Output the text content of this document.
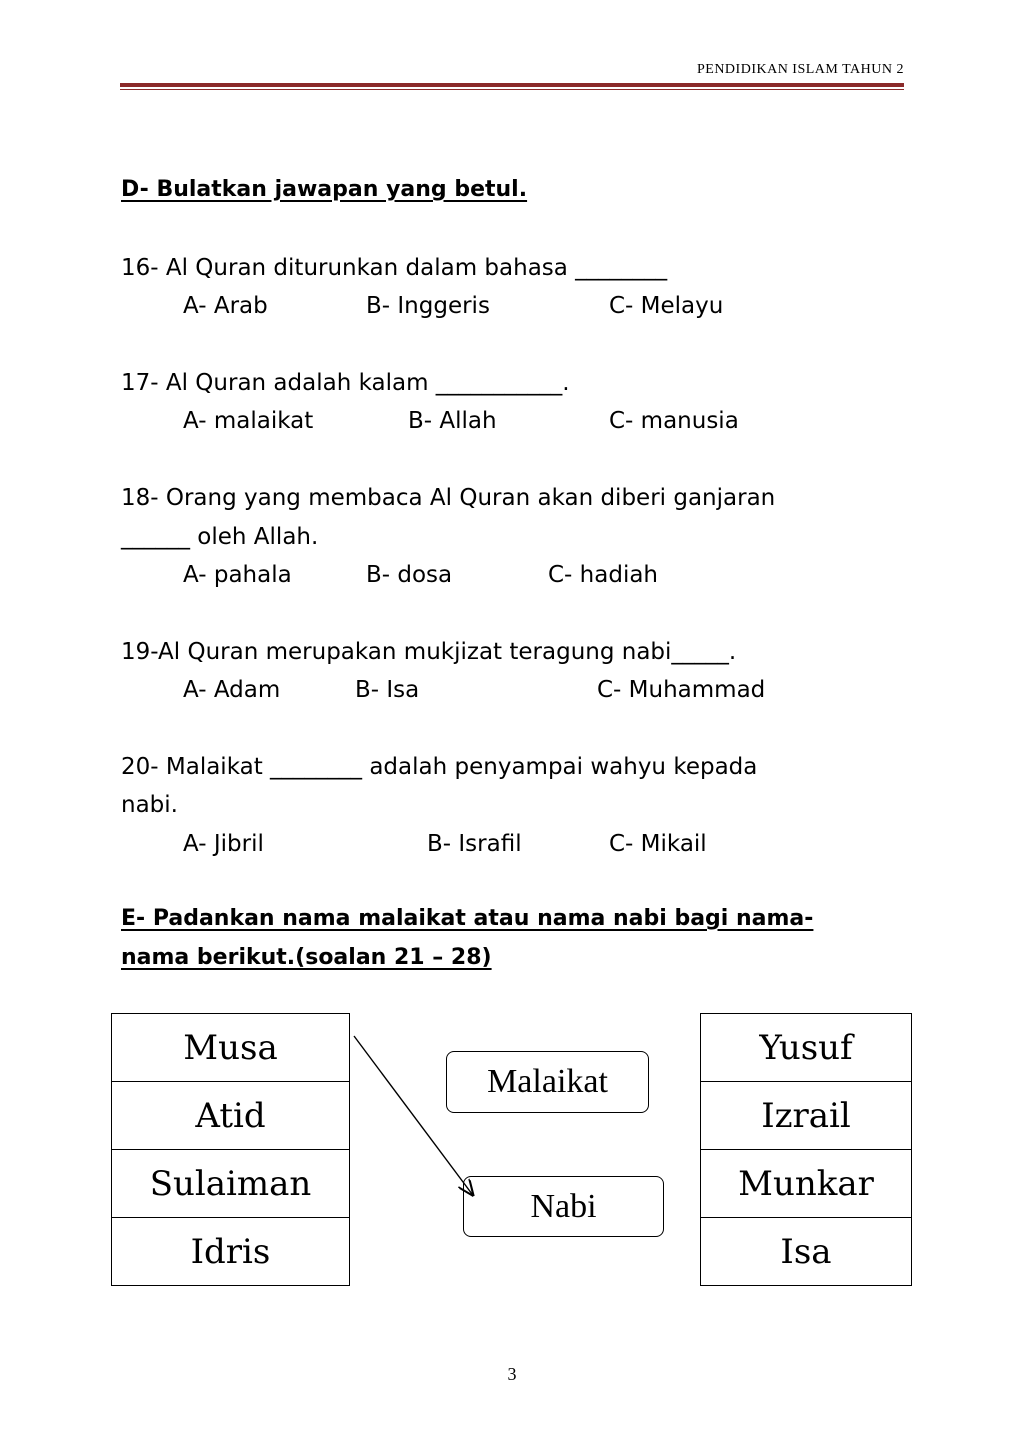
PENDIDIKAN ISLAM TAHUN 2
D- Bulatkan jawapan yang betul.
16- Al Quran diturunkan dalam bahasa ________
A- Arab	B- Inggeris	C- Melayu
17- Al Quran adalah kalam ___________.
A- malaikat	B- Allah	C- manusia
18- Orang yang membaca Al Quran akan diberi ganjaran
______ oleh Allah.
A- pahala	B- dosa	C- hadiah
19-Al Quran merupakan mukjizat teragung nabi_____.
A- Adam	B- Isa	C- Muhammad
20- Malaikat ________ adalah penyampai wahyu kepada
nabi.
A- Jibril	B- Israfil	C- Mikail
E- Padankan nama malaikat atau nama nabi bagi nama-
nama berikut.(soalan 21 – 28)
Musa
Atid
Sulaiman
Idris
Malaikat
Nabi
Yusuf
Izrail
Munkar
Isa
3
